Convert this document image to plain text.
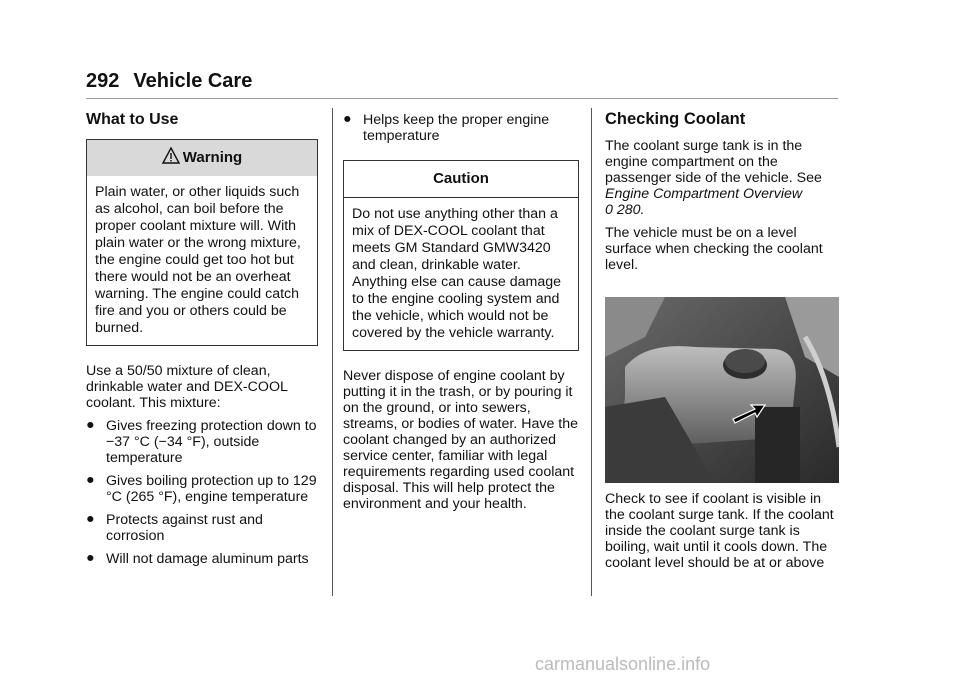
292 Vehicle Care
What to Use
Warning
Plain water, or other liquids such as alcohol, can boil before the proper coolant mixture will. With plain water or the wrong mixture, the engine could get too hot but there would not be an overheat warning. The engine could catch fire and you or others could be burned.

Use a 50/50 mixture of clean, drinkable water and DEX-COOL coolant. This mixture:

● Gives freezing protection down to −37 °C (−34 °F), outside temperature
● Gives boiling protection up to 129 °C (265 °F), engine temperature
● Protects against rust and corrosion
● Will not damage aluminum parts
● Helps keep the proper engine temperature
Caution
Do not use anything other than a mix of DEX-COOL coolant that meets GM Standard GMW3420 and clean, drinkable water. Anything else can cause damage to the engine cooling system and the vehicle, which would not be covered by the vehicle warranty.

Never dispose of engine coolant by putting it in the trash, or by pouring it on the ground, or into sewers, streams, or bodies of water. Have the coolant changed by an authorized service center, familiar with legal requirements regarding used coolant disposal. This will help protect the environment and your health.

Checking Coolant

The coolant surge tank is in the engine compartment on the passenger side of the vehicle. See
Engine Compartment Overview
0 280.

The vehicle must be on a level surface when checking the coolant level.

Check to see if coolant is visible in the coolant surge tank. If the coolant inside the coolant surge tank is boiling, wait until it cools down. The coolant level should be at or above

carmanualsonline.info
